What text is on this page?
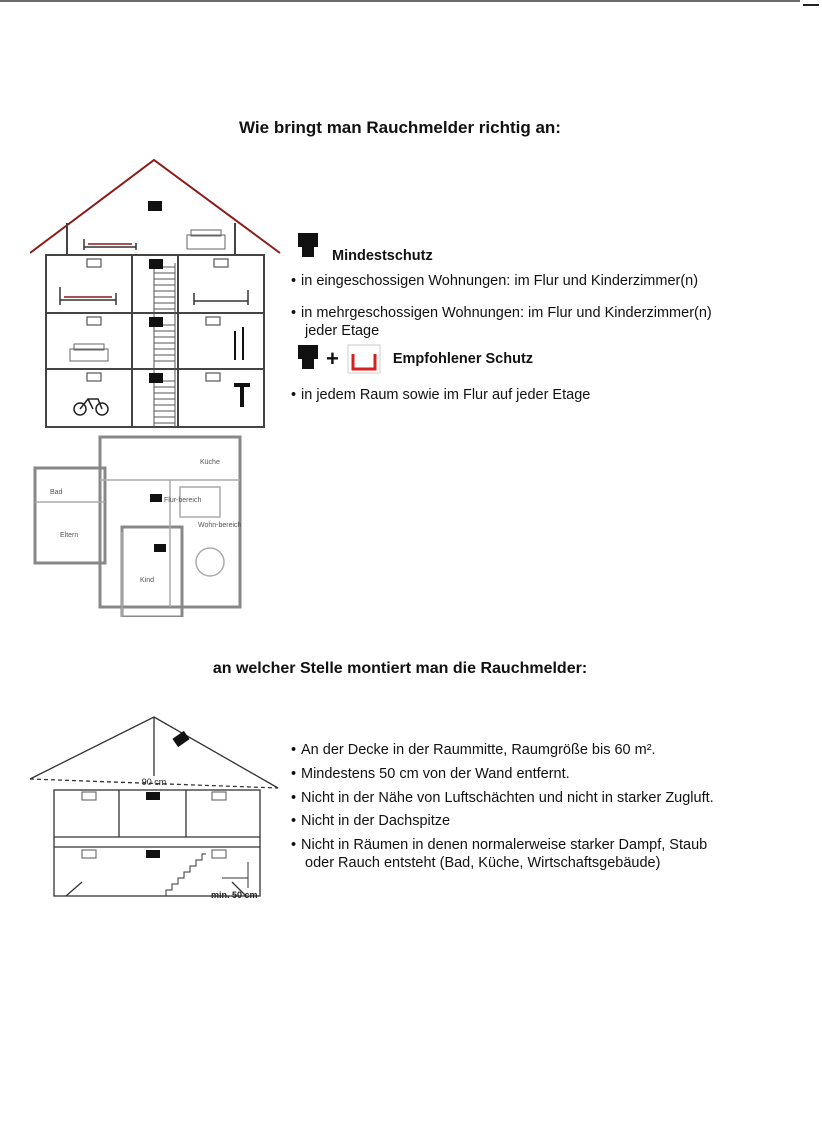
Wie bringt man Rauchmelder richtig an:
Bad
Küche
Flur-bereich
Wohn-bereich
Eltern
Kind
Mindestschutz
• in eingeschossigen Wohnungen: im Flur und Kinderzimmer(n)
• in mehrgeschossigen Wohnungen: im Flur und Kinderzimmer(n)
jeder Etage
+	Empfohlener Schutz
• in jedem Raum sowie im Flur auf jeder Etage
an welcher Stelle montiert man die Rauchmelder:
90 cm
min. 50 cm
• An der Decke in der Raummitte, Raumgröße bis 60 m².
• Mindestens 50 cm von der Wand entfernt.
• Nicht in der Nähe von Luftschächten und nicht in starker Zugluft.
• Nicht in der Dachspitze
• Nicht in Räumen in denen normalerweise starker Dampf, Staub
oder Rauch entsteht (Bad, Küche, Wirtschaftsgebäude)
